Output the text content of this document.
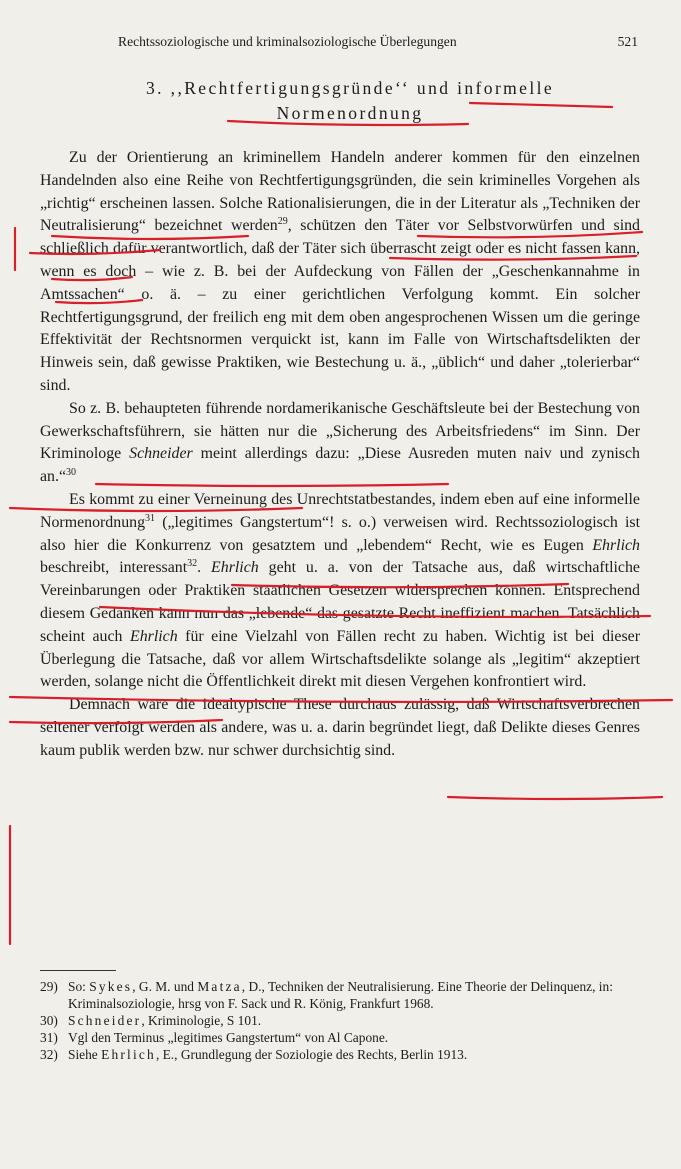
Rechtssoziologische und kriminalsoziologische Überlegungen	521
3. ,,Rechtfertigungsgründe‘‘ und informelle
Normenordnung

Zu der Orientierung an kriminellem Handeln anderer kommen für den einzelnen Handelnden also eine Reihe von Rechtfertigungsgründen, die sein kriminelles Vorgehen als „richtig“ erscheinen lassen. Solche Rationalisierungen, die in der Literatur als „Techniken der Neutralisierung“ bezeichnet werden$^{29}$, schützen den Täter vor Selbstvorwürfen und sind schließlich dafür verantwortlich, daß der Täter sich überrascht zeigt oder es nicht fassen kann, wenn es doch – wie z. B. bei der Aufdeckung von Fällen der „Geschenkannahme in Amtssachen“ o. ä. – zu einer gerichtlichen Verfolgung kommt. Ein solcher Rechtfertigungsgrund, der freilich eng mit dem oben angesprochenen Wissen um die geringe Effektivität der Rechtsnormen verquickt ist, kann im Falle von Wirtschaftsdelikten der Hinweis sein, daß gewisse Praktiken, wie Bestechung u. ä., „üblich“ und daher „tolerierbar“ sind.

So z. B. behaupteten führende nordamerikanische Geschäftsleute bei der Bestechung von Gewerkschaftsführern, sie hätten nur die „Sicherung des Arbeitsfriedens“ im Sinn. Der Kriminologe Schneider meint allerdings dazu: „Diese Ausreden muten naiv und zynisch an.“$^{30}$

Es kommt zu einer Verneinung des Unrechtstatbestandes, indem eben auf eine informelle Normenordnung$^{31}$ („legitimes Gangstertum“! s. o.) verweisen wird. Rechtssoziologisch ist also hier die Konkurrenz von gesatztem und „lebendem“ Recht, wie es Eugen Ehrlich beschreibt, interessant$^{32}$. Ehrlich geht u. a. von der Tatsache aus, daß wirtschaftliche Vereinbarungen oder Praktiken staatlichen Gesetzen widersprechen können. Entsprechend diesem Gedanken kann nun das „lebende“ das gesatzte Recht ineffizient machen. Tatsächlich scheint auch Ehrlich für eine Vielzahl von Fällen recht zu haben. Wichtig ist bei dieser Überlegung die Tatsache, daß vor allem Wirtschaftsdelikte solange als „legitim“ akzeptiert werden, solange nicht die Öffentlichkeit direkt mit diesen Vergehen konfrontiert wird.

Demnach wäre die idealtypische These durchaus zulässig, daß Wirtschaftsverbrechen seltener verfolgt werden als andere, was u. a. darin begründet liegt, daß Delikte dieses Genres kaum publik werden bzw. nur schwer durchsichtig sind.

29) So: Sykes, G. M. und Matza, D., Techniken der Neutralisierung. Eine Theorie der Delinquenz, in: Kriminalsoziologie, hrsg von F. Sack und R. König, Frankfurt 1968.
30) Schneider, Kriminologie, S 101.
31) Vgl den Terminus „legitimes Gangstertum“ von Al Capone.
32) Siehe Ehrlich, E., Grundlegung der Soziologie des Rechts, Berlin 1913.
